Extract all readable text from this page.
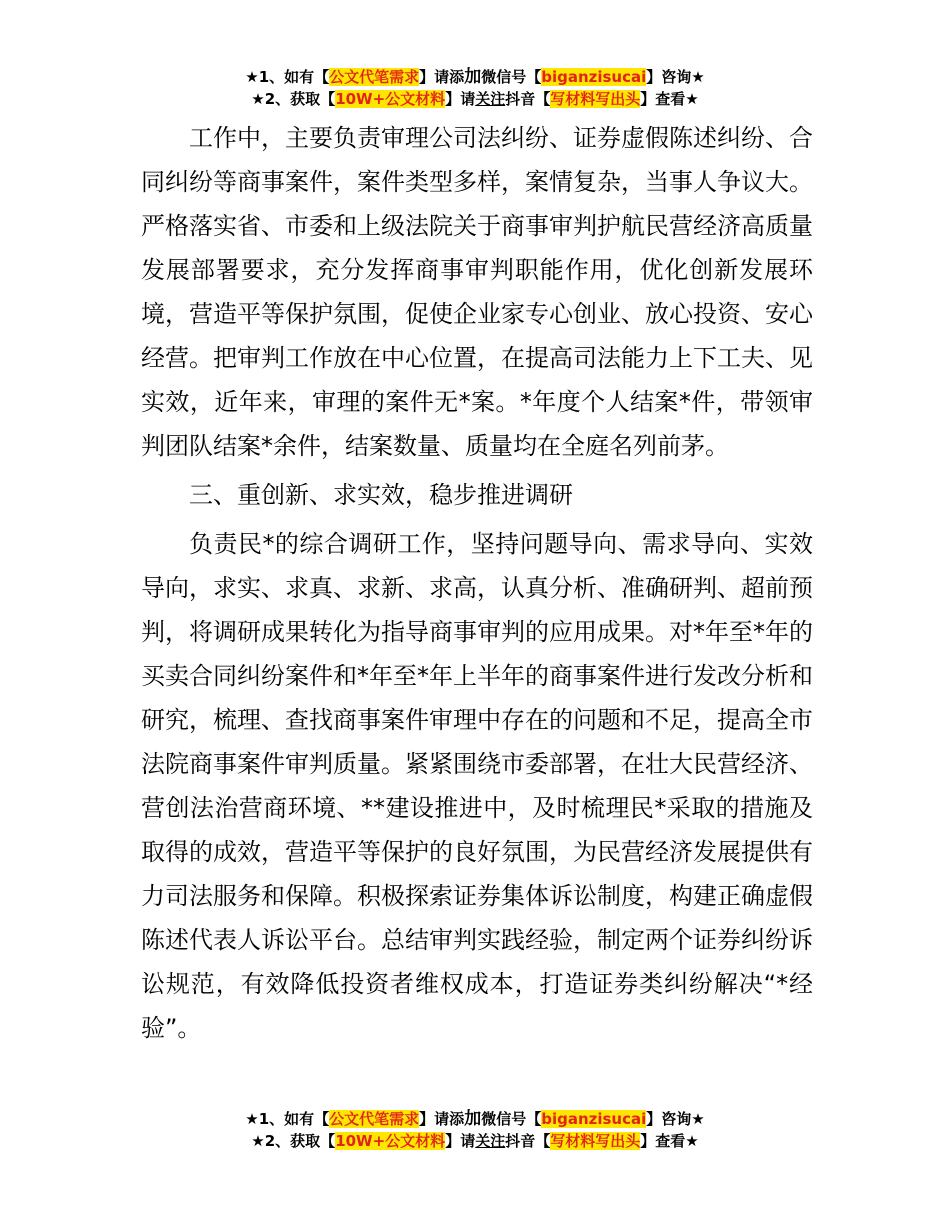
★1、如有【公文代笔需求】请添加微信号【biganzisucai】咨询★
★2、获取【10W+公文材料】请关注抖音【写材料写出头】查看★

工作中，主要负责审理公司法纠纷、证券虚假陈述纠纷、合同纠纷等商事案件，案件类型多样，案情复杂，当事人争议大。严格落实省、市委和上级法院关于商事审判护航民营经济高质量发展部署要求，充分发挥商事审判职能作用，优化创新发展环境，营造平等保护氛围，促使企业家专心创业、放心投资、安心经营。把审判工作放在中心位置，在提高司法能力上下工夫、见实效，近年来，审理的案件无*案。*年度个人结案*件，带领审判团队结案*余件，结案数量、质量均在全庭名列前茅。

三、重创新、求实效，稳步推进调研

负责民*的综合调研工作，坚持问题导向、需求导向、实效导向，求实、求真、求新、求高，认真分析、准确研判、超前预判，将调研成果转化为指导商事审判的应用成果。对*年至*年的买卖合同纠纷案件和*年至*年上半年的商事案件进行发改分析和研究，梳理、查找商事案件审理中存在的问题和不足，提高全市法院商事案件审判质量。紧紧围绕市委部署，在壮大民营经济、营创法治营商环境、**建设推进中，及时梳理民*采取的措施及取得的成效，营造平等保护的良好氛围，为民营经济发展提供有力司法服务和保障。积极探索证券集体诉讼制度，构建正确虚假陈述代表人诉讼平台。总结审判实践经验，制定两个证券纠纷诉讼规范，有效降低投资者维权成本，打造证券类纠纷解决“*经验”。

★1、如有【公文代笔需求】请添加微信号【biganzisucai】咨询★
★2、获取【10W+公文材料】请关注抖音【写材料写出头】查看★
